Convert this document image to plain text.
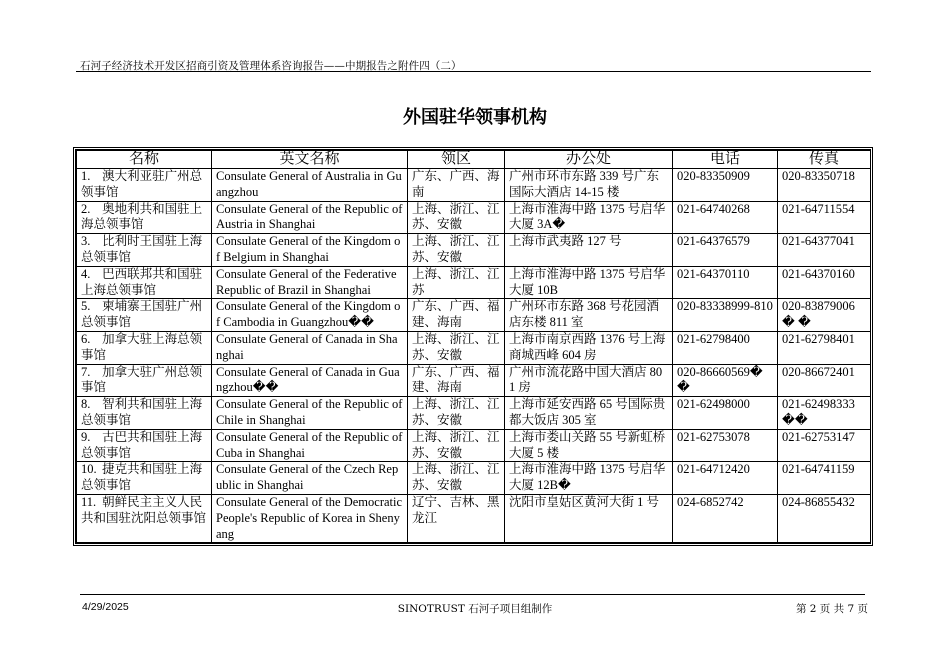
石河子经济技术开发区招商引资及管理体系咨询报告——中期报告之附件四（二）
外国驻华领事机构
名称	英文名称	领区	办公处	电话	传真
1. 澳大利亚驻广州总领事馆	Consulate General of Australia in Guangzhou	广东、广西、海南	广州市环市东路 339 号广东国际大酒店 14-15 楼	020-83350909	020-83350718
2. 奥地利共和国驻上海总领事馆	Consulate General of the Republic of Austria in Shanghai	上海、浙江、江苏、安徽	上海市淮海中路 1375 号启华大厦 3A�	021-64740268	021-64711554
3. 比利时王国驻上海总领事馆	Consulate General of the Kingdom of Belgium in Shanghai	上海、浙江、江苏、安徽	上海市武夷路 127 号	021-64376579	021-64377041
4. 巴西联邦共和国驻上海总领事馆	Consulate General of the Federative Republic of Brazil in Shanghai	上海、浙江、江苏	上海市淮海中路 1375 号启华大厦 10B	021-64370110	021-64370160
5. 柬埔寨王国驻广州总领事馆	Consulate General of the Kingdom of Cambodia in Guangzhou��	广东、广西、福建、海南	广州环市东路 368 号花园酒店东楼 811 室	020-83338999-810	020-83879006� �
6. 加拿大驻上海总领事馆	Consulate General of Canada in Shanghai	上海、浙江、江苏、安徽	上海市南京西路 1376 号上海商城西峰 604 房	021-62798400	021-62798401
7. 加拿大驻广州总领事馆	Consulate General of Canada in Guangzhou��	广东、广西、福建、海南	广州市流花路中国大酒店 801 房	020-86660569��	020-86672401
8. 智利共和国驻上海总领事馆	Consulate General of the Republic of Chile in Shanghai	上海、浙江、江苏、安徽	上海市延安西路 65 号国际贵都大饭店 305 室	021-62498000	021-62498333��
9. 古巴共和国驻上海总领事馆	Consulate General of the Republic of Cuba in Shanghai	上海、浙江、江苏、安徽	上海市娄山关路 55 号新虹桥大厦 5 楼	021-62753078	021-62753147
10. 捷克共和国驻上海总领事馆	Consulate General of the Czech Republic in Shanghai	上海、浙江、江苏、安徽	上海市淮海中路 1375 号启华大厦 12B�	021-64712420	021-64741159
11. 朝鲜民主主义人民共和国驻沈阳总领事馆	Consulate General of the Democratic People's Republic of Korea in Shenyang	辽宁、吉林、黑龙江	沈阳市皇姑区黄河大街 1 号	024-6852742	024-86855432
4/29/2025	SINOTRUST 石河子项目组制作	第 2 页 共 7 页
